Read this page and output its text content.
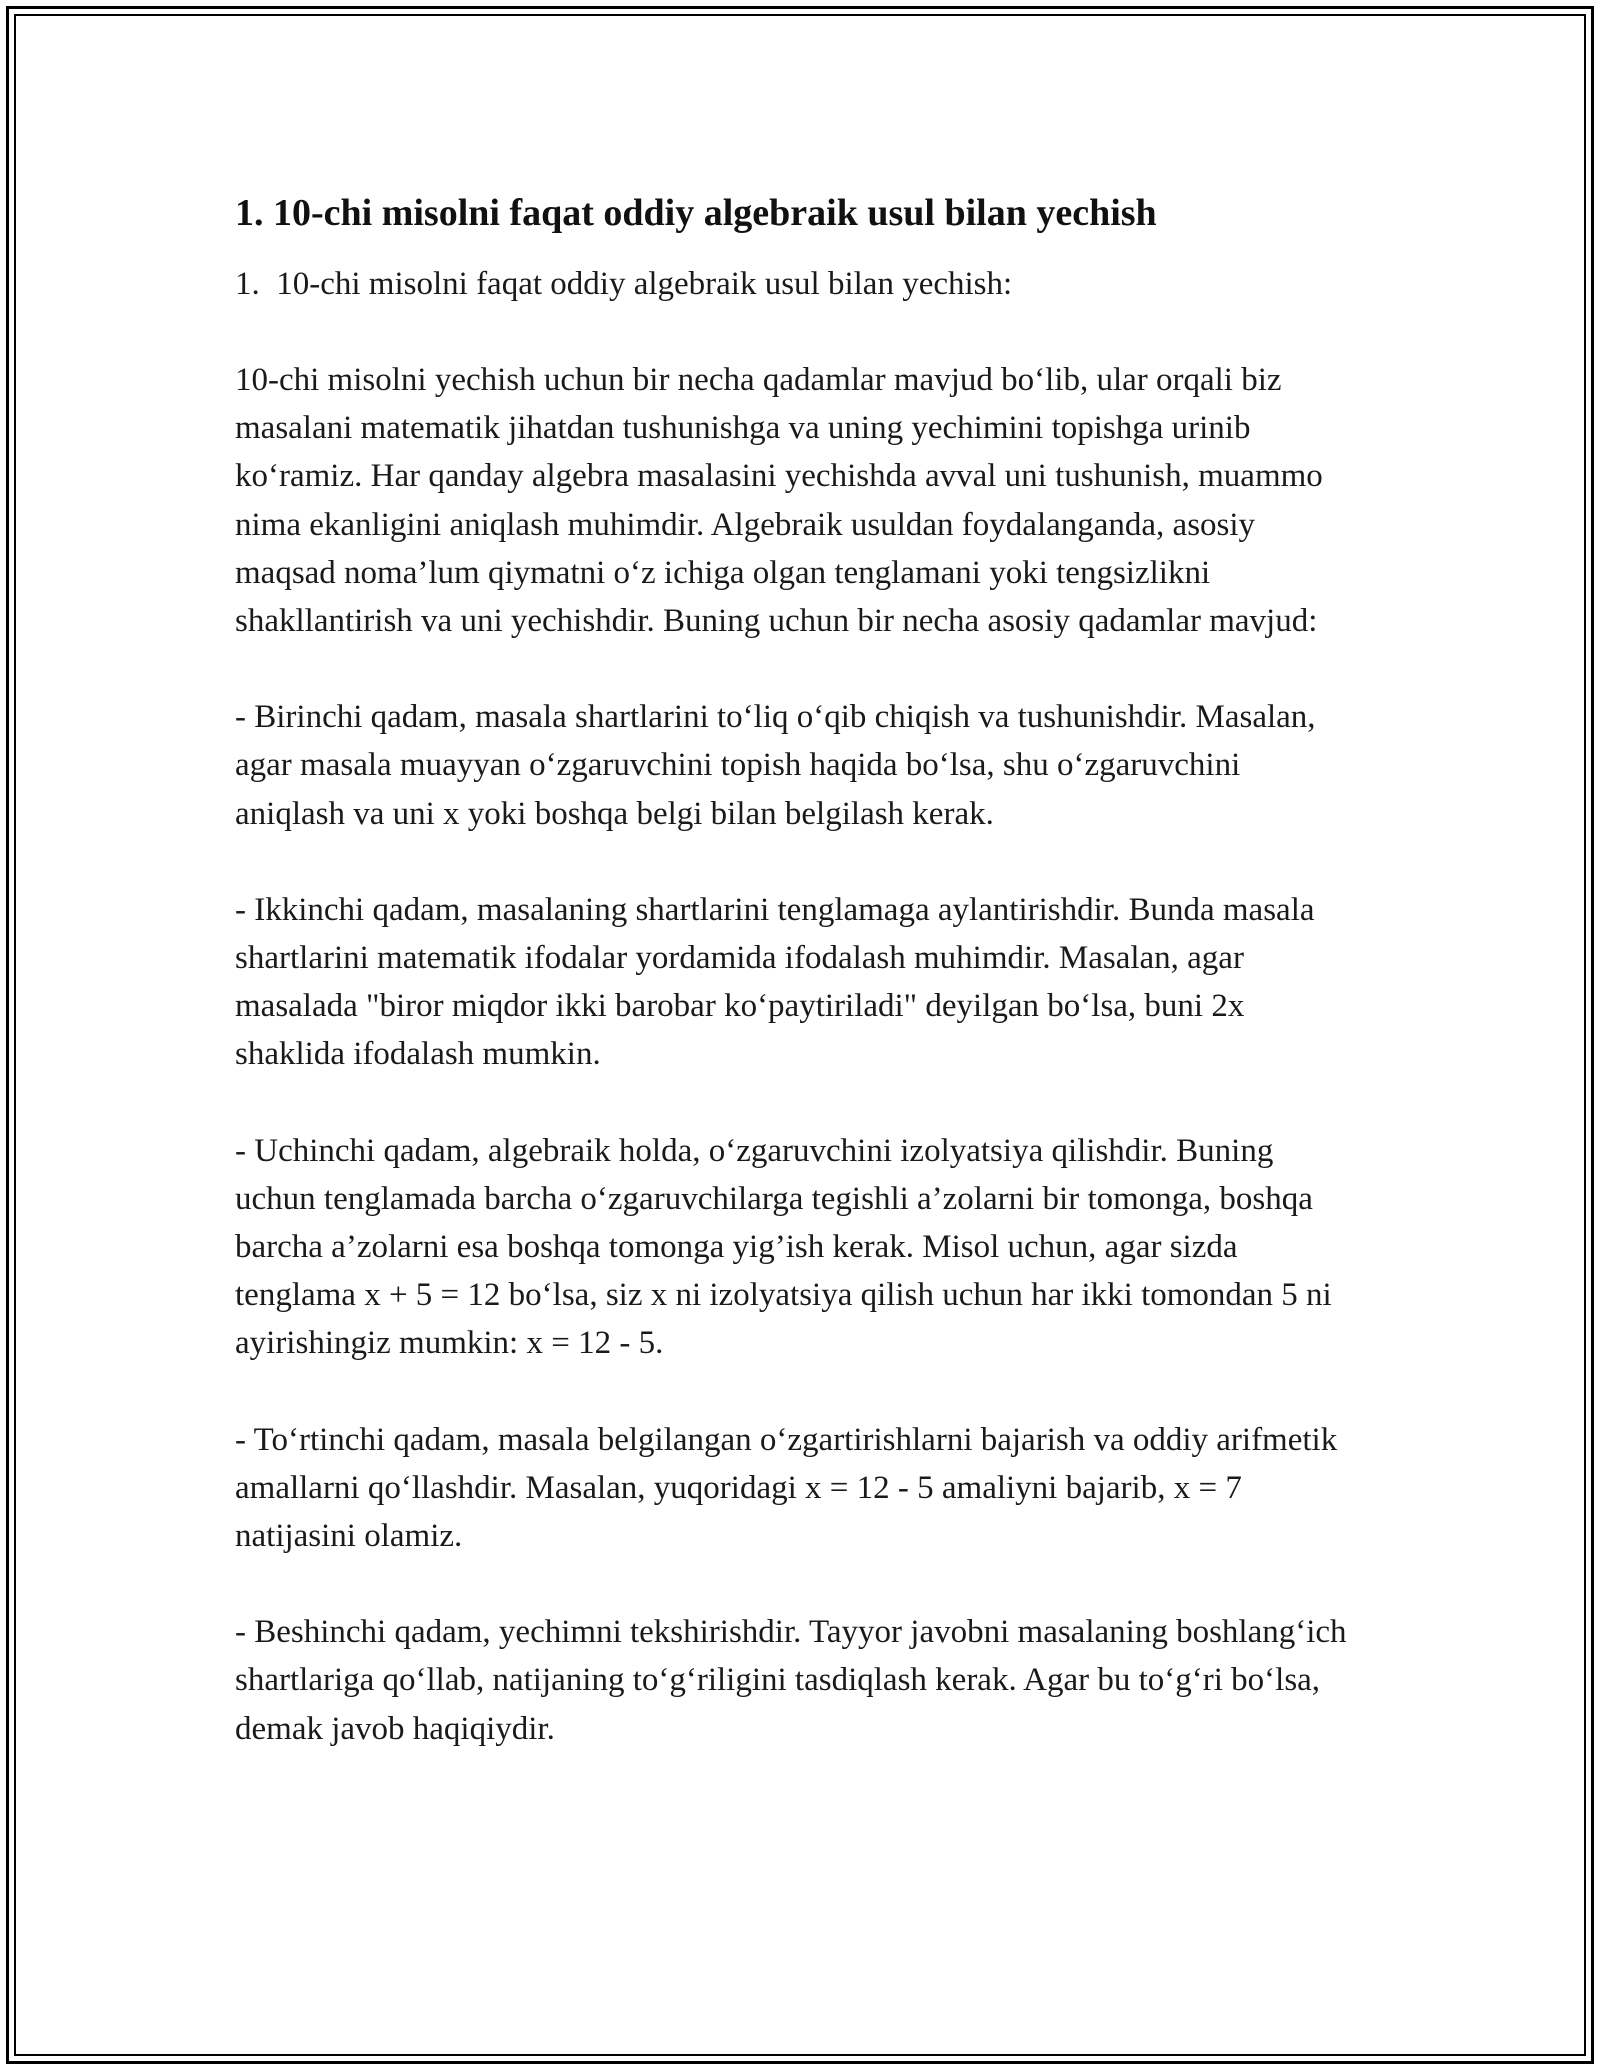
1. 10-chi misolni faqat oddiy algebraik usul bilan yechish

1.  10-chi misolni faqat oddiy algebraik usul bilan yechish:

10-chi misolni yechish uchun bir necha qadamlar mavjud bo‘lib, ular orqali biz masalani matematik jihatdan tushunishga va uning yechimini topishga urinib ko‘ramiz. Har qanday algebra masalasini yechishda avval uni tushunish, muammo nima ekanligini aniqlash muhimdir. Algebraik usuldan foydalanganda, asosiy maqsad noma’lum qiymatni o‘z ichiga olgan tenglamani yoki tengsizlikni shakllantirish va uni yechishdir. Buning uchun bir necha asosiy qadamlar mavjud:

- Birinchi qadam, masala shartlarini to‘liq o‘qib chiqish va tushunishdir. Masalan, agar masala muayyan o‘zgaruvchini topish haqida bo‘lsa, shu o‘zgaruvchini aniqlash va uni x yoki boshqa belgi bilan belgilash kerak.

- Ikkinchi qadam, masalaning shartlarini tenglamaga aylantirishdir. Bunda masala shartlarini matematik ifodalar yordamida ifodalash muhimdir. Masalan, agar masalada "biror miqdor ikki barobar ko‘paytiriladi" deyilgan bo‘lsa, buni 2x shaklida ifodalash mumkin.

- Uchinchi qadam, algebraik holda, o‘zgaruvchini izolyatsiya qilishdir. Buning uchun tenglamada barcha o‘zgaruvchilarga tegishli a’zolarni bir tomonga, boshqa barcha a’zolarni esa boshqa tomonga yig’ish kerak. Misol uchun, agar sizda tenglama x + 5 = 12 bo‘lsa, siz x ni izolyatsiya qilish uchun har ikki tomondan 5 ni ayirishingiz mumkin: x = 12 - 5.

- To‘rtinchi qadam, masala belgilangan o‘zgartirishlarni bajarish va oddiy arifmetik amallarni qo‘llashdir. Masalan, yuqoridagi x = 12 - 5 amaliyni bajarib, x = 7 natijasini olamiz.

- Beshinchi qadam, yechimni tekshirishdir. Tayyor javobni masalaning boshlang‘ich shartlariga qo‘llab, natijaning to‘g‘riligini tasdiqlash kerak. Agar bu to‘g‘ri bo‘lsa, demak javob haqiqiydir.
